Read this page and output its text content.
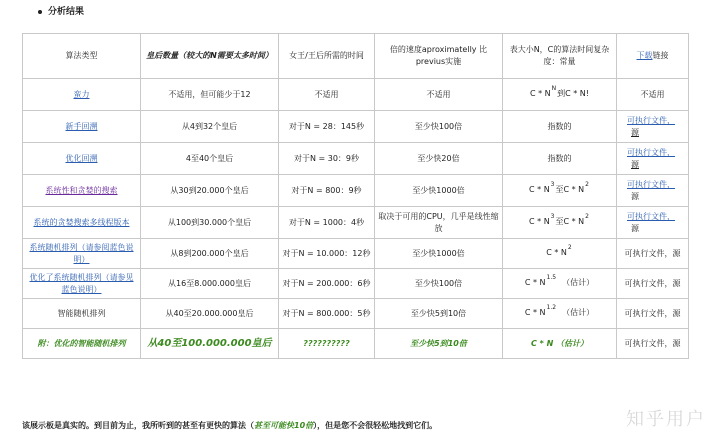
分析结果
算法类型	皇后数量（较大的N需要太多时间）	女王/王后所需的时间	倍的速度aproximatelly 比previus实施	表大小N，C的算法时间复杂度：常量	下载链接
蛮力	不适用，但可能少于12	不适用	不适用	C * NN到C * N!	不适用
新手回溯	从4到32个皇后	对于N = 28：145秒	至少快100倍	指数的	可执行文件，源
优化回溯	4至40个皇后	对于N = 30：9秒	至少快20倍	指数的	可执行文件，源
系统性和贪婪的搜索	从30到20.000个皇后	对于N = 800：9秒	至少快1000倍	C * N3至C * N2	可执行文件，源
系统的贪婪搜索多线程版本	从100到30.000个皇后	对于N = 1000：4秒	取决于可用的CPU，几乎是线性缩放	C * N3至C * N2	可执行文件，源
系统随机排列（请参阅蓝色说明）	从8到200.000个皇后	对于N = 10.000：12秒	至少快1000倍	C * N2	可执行文件，源
优化了系统随机排列（请参见蓝色说明）	从16至8.000.000皇后	对于N = 200.000：6秒	至少快100倍	C * N1.5  （估计）	可执行文件，源
智能随机排列	从40至20.000.000皇后	对于N = 800.000：5秒	至少快5到10倍	C * N1.2  （估计）	可执行文件，源
附：优化的智能随机排列	从40至100.000.000皇后	??????????	至少快5到10倍	C * N （估计）	可执行文件，源
该展示板是真实的。到目前为止，我所听到的甚至有更快的算法（甚至可能快10倍），但是您不会很轻松地找到它们。	知乎用户
